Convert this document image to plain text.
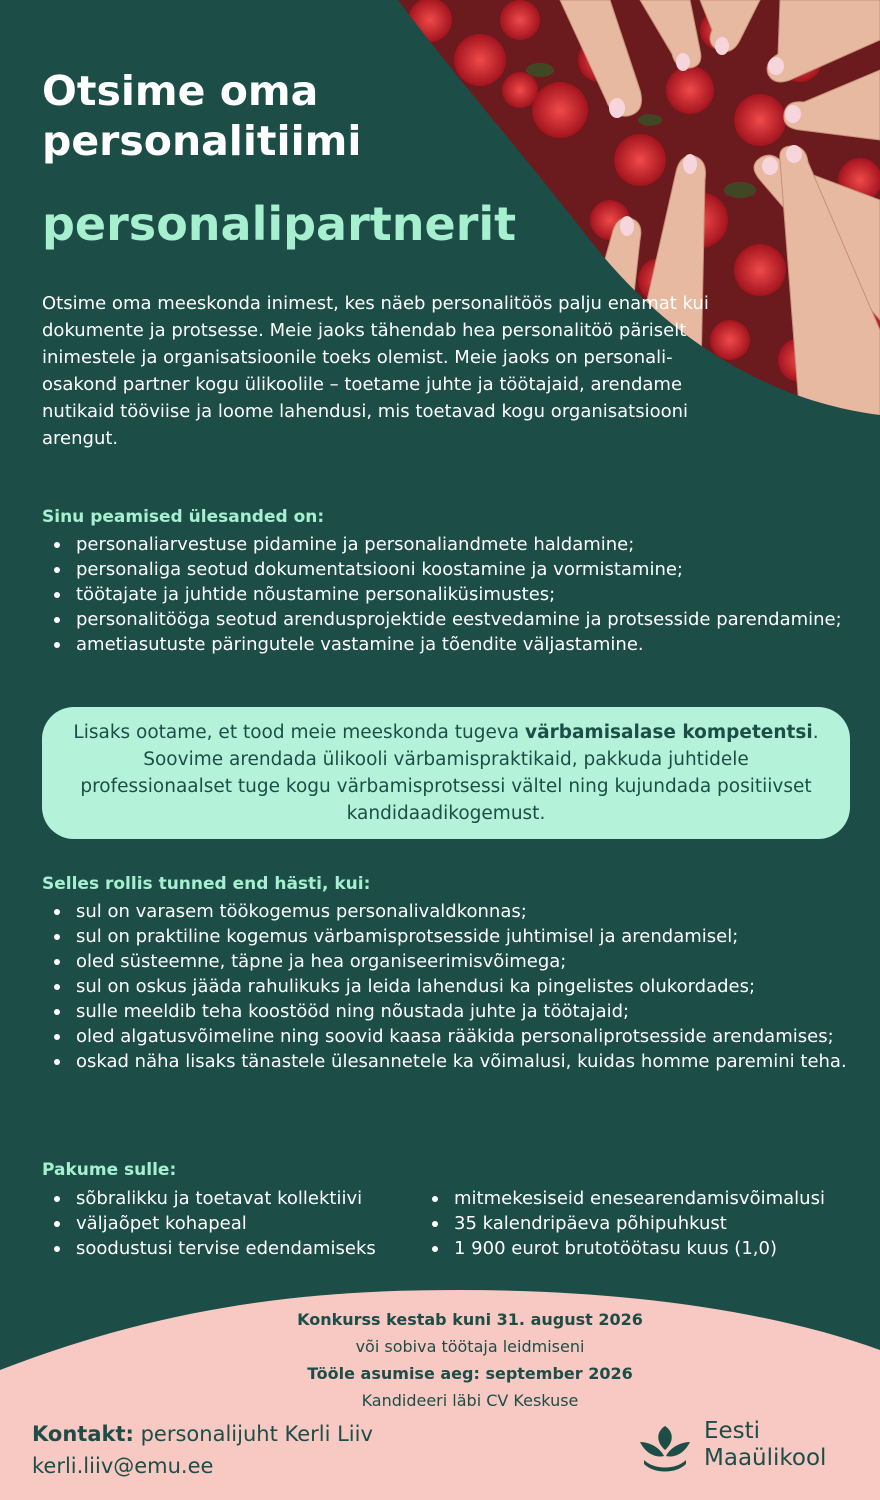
Otsime oma personalitiimi
personalipartnerit

Otsime oma meeskonda inimest, kes näeb personalitöös palju enamat kui dokumente ja protsesse. Meie jaoks tähendab hea personalitöö päriselt inimestele ja organisatsioonile toeks olemist. Meie jaoks on personali-osakond partner kogu ülikoolile – toetame juhte ja töötajaid, arendame nutikaid tööviise ja loome lahendusi, mis toetavad kogu organisatsiooni arengut.

Sinu peamised ülesanded on:
personaliarvestuse pidamine ja personaliandmete haldamine;
personaliga seotud dokumentatsiooni koostamine ja vormistamine;
töötajate ja juhtide nõustamine personaliküsimustes;
personalitööga seotud arendusprojektide eestvedamine ja protsesside parendamine;
ametiasutuste päringutele vastamine ja tõendite väljastamine.
Selles rollis tunned end hästi, kui:
sul on varasem töökogemus personalivaldkonnas;
sul on praktiline kogemus värbamisprotsesside juhtimisel ja arendamisel;
oled süsteemne, täpne ja hea organiseerimisvõimega;
sul on oskus jääda rahulikuks ja leida lahendusi ka pingelistes olukordades;
sulle meeldib teha koostööd ning nõustada juhte ja töötajaid;
oled algatusvõimeline ning soovid kaasa rääkida personaliprotsesside arendamises;
oskad näha lisaks tänastele ülesannetele ka võimalusi, kuidas homme paremini teha.
Pakume sulle:
sõbralikku ja toetavat kollektiivi
väljaõpet kohapeal
soodustusi tervise edendamiseks
mitmekesiseid enesearendamisvõimalusi
35 kalendripäeva põhipuhkust
1 900 eurot brutotöötasu kuus (1,0)

Lisaks ootame, et tood meie meeskonda tugeva värbamisalase kompetentsi. Soovime arendada ülikooli värbamispraktikaid, pakkuda juhtidele professionaalset tuge kogu värbamisprotsessi vältel ning kujundada positiivset kandidaadikogemust.

Konkurss kestab kuni 31. august 2026
või sobiva töötaja leidmiseni
Tööle asumise aeg: september 2026
Kandideeri läbi CV Keskuse
Kontakt: personalijuht Kerli Liiv
kerli.liiv@emu.ee
Eesti
Maaülikool
